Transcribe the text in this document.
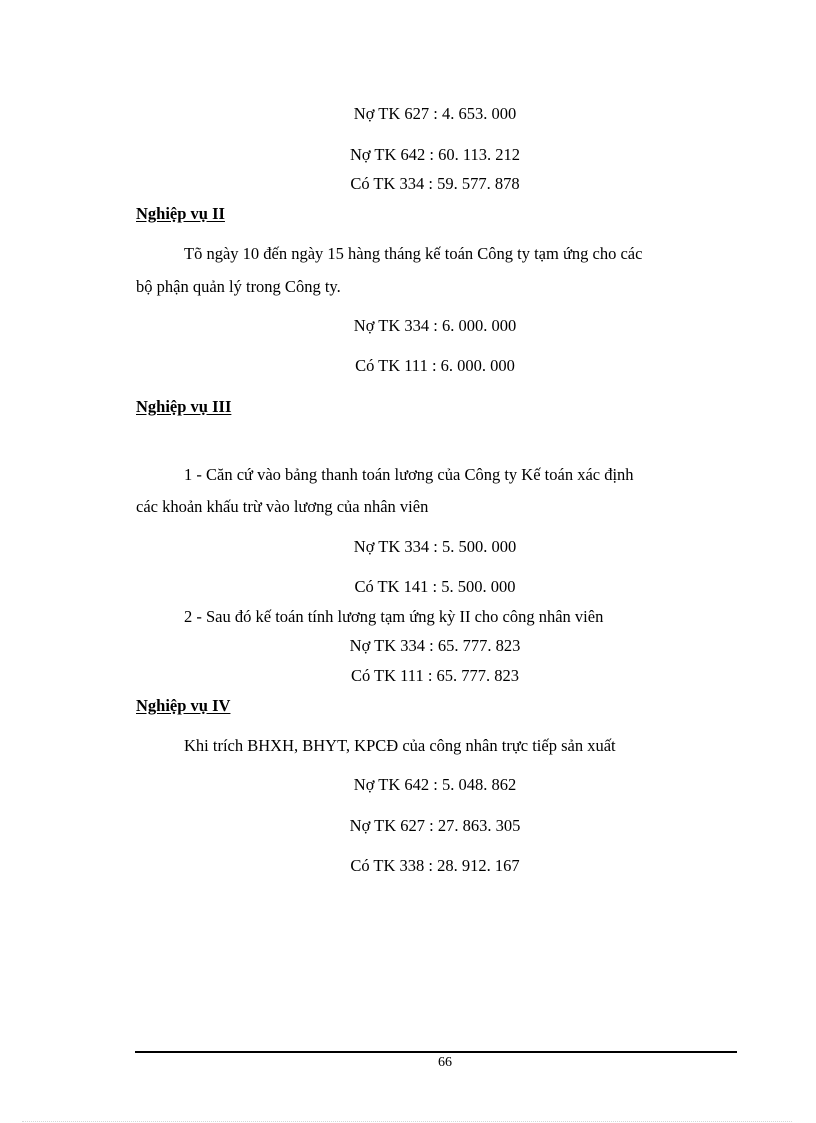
Nợ TK 627 : 4. 653. 000
Nợ TK 642 : 60. 113. 212
Có TK 334 : 59. 577. 878
Nghiệp vụ II
Tõ ngày 10 đến ngày 15 hàng tháng kế toán Công ty tạm ứng cho các
bộ phận quản lý trong Công ty.
Nợ TK 334 : 6. 000. 000
Có TK 111 : 6. 000. 000
Nghiệp vụ III
1 - Căn cứ vào bảng thanh toán lương của Công ty Kế toán xác định
các khoản khấu trừ vào lương của nhân viên
Nợ TK 334 : 5. 500. 000
Có TK 141 : 5. 500. 000
2 - Sau đó kế toán tính lương tạm ứng kỳ II cho công nhân viên
Nợ TK 334 : 65. 777. 823
Có TK 111 : 65. 777. 823
Nghiệp vụ IV
Khi trích BHXH, BHYT, KPCĐ của công nhân trực tiếp sản xuất
Nợ TK 642 : 5. 048. 862
Nợ TK 627 : 27. 863. 305
Có TK 338 : 28. 912. 167
66
